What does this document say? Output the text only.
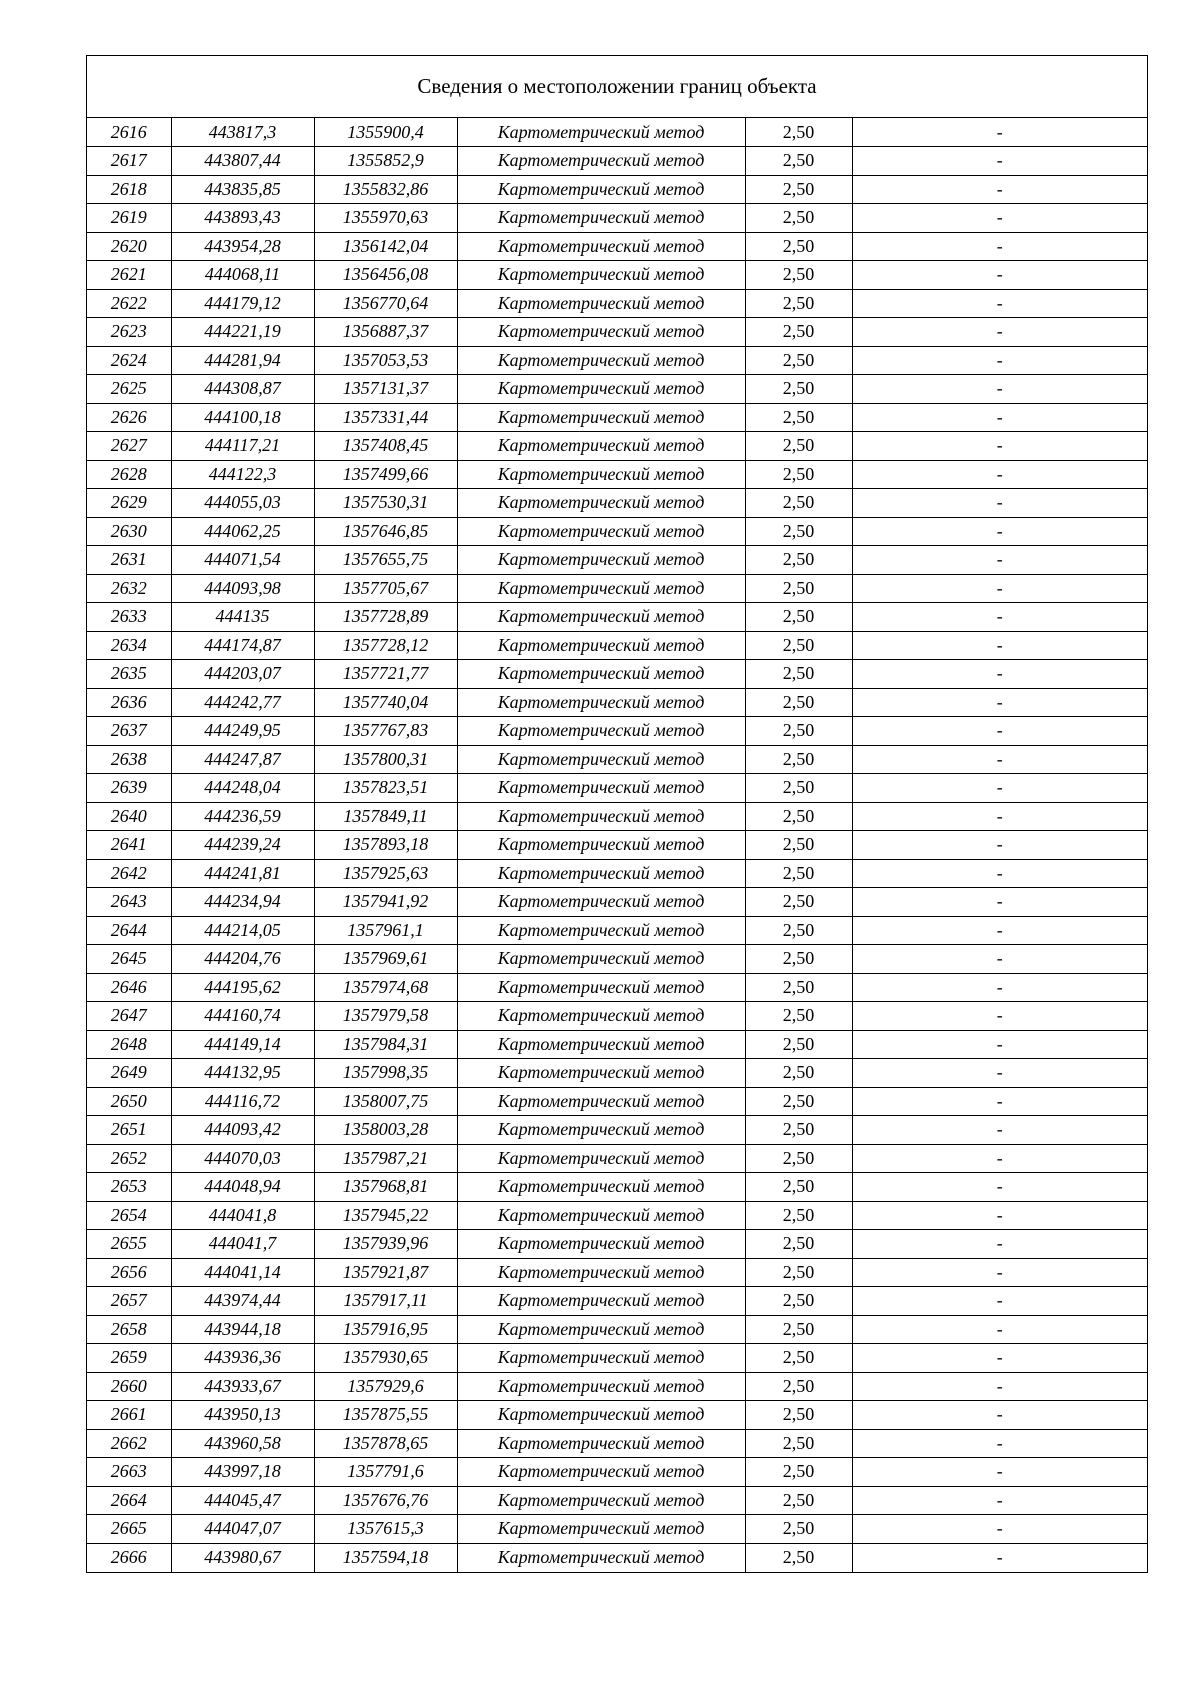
Сведения о местоположении границ объекта
2616	443817,3	1355900,4	Картометрический метод	2,50	-
2617	443807,44	1355852,9	Картометрический метод	2,50	-
2618	443835,85	1355832,86	Картометрический метод	2,50	-
2619	443893,43	1355970,63	Картометрический метод	2,50	-
2620	443954,28	1356142,04	Картометрический метод	2,50	-
2621	444068,11	1356456,08	Картометрический метод	2,50	-
2622	444179,12	1356770,64	Картометрический метод	2,50	-
2623	444221,19	1356887,37	Картометрический метод	2,50	-
2624	444281,94	1357053,53	Картометрический метод	2,50	-
2625	444308,87	1357131,37	Картометрический метод	2,50	-
2626	444100,18	1357331,44	Картометрический метод	2,50	-
2627	444117,21	1357408,45	Картометрический метод	2,50	-
2628	444122,3	1357499,66	Картометрический метод	2,50	-
2629	444055,03	1357530,31	Картометрический метод	2,50	-
2630	444062,25	1357646,85	Картометрический метод	2,50	-
2631	444071,54	1357655,75	Картометрический метод	2,50	-
2632	444093,98	1357705,67	Картометрический метод	2,50	-
2633	444135	1357728,89	Картометрический метод	2,50	-
2634	444174,87	1357728,12	Картометрический метод	2,50	-
2635	444203,07	1357721,77	Картометрический метод	2,50	-
2636	444242,77	1357740,04	Картометрический метод	2,50	-
2637	444249,95	1357767,83	Картометрический метод	2,50	-
2638	444247,87	1357800,31	Картометрический метод	2,50	-
2639	444248,04	1357823,51	Картометрический метод	2,50	-
2640	444236,59	1357849,11	Картометрический метод	2,50	-
2641	444239,24	1357893,18	Картометрический метод	2,50	-
2642	444241,81	1357925,63	Картометрический метод	2,50	-
2643	444234,94	1357941,92	Картометрический метод	2,50	-
2644	444214,05	1357961,1	Картометрический метод	2,50	-
2645	444204,76	1357969,61	Картометрический метод	2,50	-
2646	444195,62	1357974,68	Картометрический метод	2,50	-
2647	444160,74	1357979,58	Картометрический метод	2,50	-
2648	444149,14	1357984,31	Картометрический метод	2,50	-
2649	444132,95	1357998,35	Картометрический метод	2,50	-
2650	444116,72	1358007,75	Картометрический метод	2,50	-
2651	444093,42	1358003,28	Картометрический метод	2,50	-
2652	444070,03	1357987,21	Картометрический метод	2,50	-
2653	444048,94	1357968,81	Картометрический метод	2,50	-
2654	444041,8	1357945,22	Картометрический метод	2,50	-
2655	444041,7	1357939,96	Картометрический метод	2,50	-
2656	444041,14	1357921,87	Картометрический метод	2,50	-
2657	443974,44	1357917,11	Картометрический метод	2,50	-
2658	443944,18	1357916,95	Картометрический метод	2,50	-
2659	443936,36	1357930,65	Картометрический метод	2,50	-
2660	443933,67	1357929,6	Картометрический метод	2,50	-
2661	443950,13	1357875,55	Картометрический метод	2,50	-
2662	443960,58	1357878,65	Картометрический метод	2,50	-
2663	443997,18	1357791,6	Картометрический метод	2,50	-
2664	444045,47	1357676,76	Картометрический метод	2,50	-
2665	444047,07	1357615,3	Картометрический метод	2,50	-
2666	443980,67	1357594,18	Картометрический метод	2,50	-
